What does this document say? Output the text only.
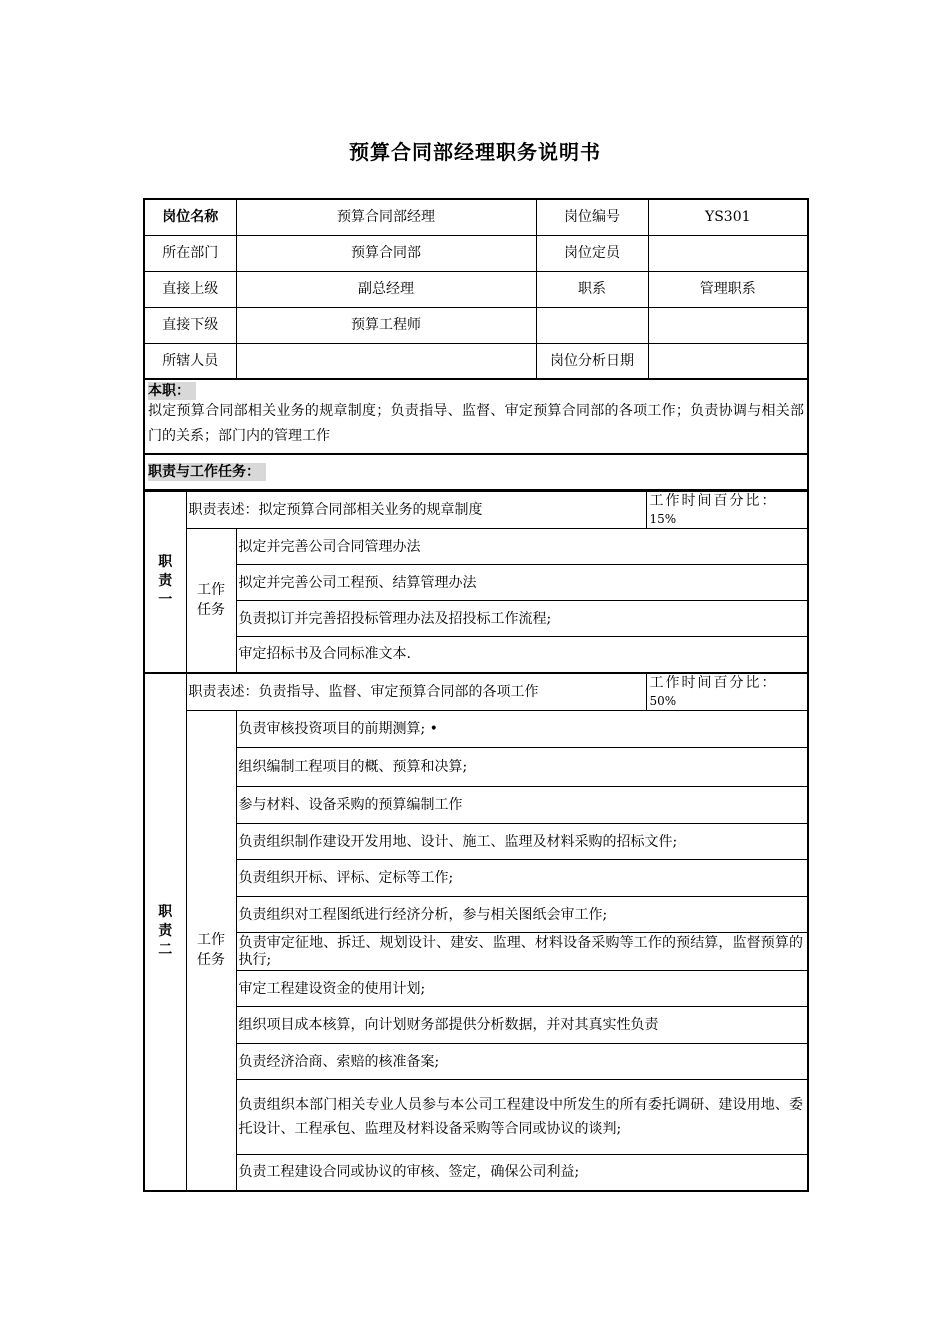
预算合同部经理职务说明书
岗位名称	预算合同部经理	岗位编号	YS301
所在部门	预算合同部	岗位定员	
直接上级	副总经理	职系	管理职系
直接下级	预算工程师		
所辖人员		岗位分析日期	

本职：
拟定预算合同部相关业务的规章制度；负责指导、监督、审定预算合同部的各项工作；负责协调与相关部门的关系；部门内的管理工作			

职责与工作任务：			
职责一	职责表述：拟定预算合同部相关业务的规章制度		工作时间百分比：
15%

	工作任务	拟定并完善公司合同管理办法	
		拟定并完善公司工程预、结算管理办法	
		负责拟订并完善招投标管理办法及招投标工作流程;	
		审定招标书及合同标准文本.	
职责二	职责表述：负责指导、监督、审定预算合同部的各项工作		工作时间百分比：
50%

	工作任务	负责审核投资项目的前期测算; •	
		组织编制工程项目的概、预算和决算;	
		参与材料、设备采购的预算编制工作	
		负责组织制作建设开发用地、设计、施工、监理及材料采购的招标文件;	
		负责组织开标、评标、定标等工作;	
		负责组织对工程图纸进行经济分析，参与相关图纸会审工作;	
		负责审定征地、拆迁、规划设计、建安、监理、材料设备采购等工作的预结算，监督预算的执行;	
		审定工程建设资金的使用计划;	
		组织项目成本核算，向计划财务部提供分析数据，并对其真实性负责	
		负责经济洽商、索赔的核准备案;	
		负责组织本部门相关专业人员参与本公司工程建设中所发生的所有委托调研、建设用地、委托设计、工程承包、监理及材料设备采购等合同或协议的谈判;	
		负责工程建设合同或协议的审核、签定，确保公司利益;	
